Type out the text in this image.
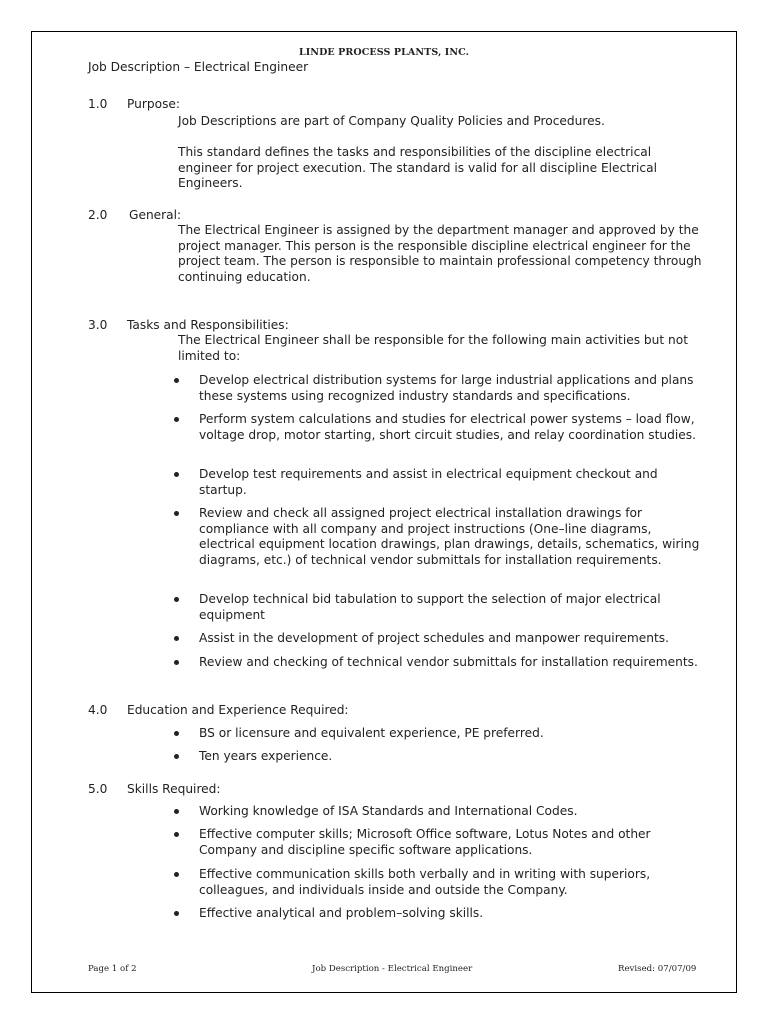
LINDE PROCESS PLANTS, INC.
Job Description – Electrical Engineer
1.0 Purpose:
Job Descriptions are part of Company Quality Policies and Procedures.
This standard defines the tasks and responsibilities of the discipline electrical engineer for project execution. The standard is valid for all discipline Electrical Engineers.
2.0 General:
The Electrical Engineer is assigned by the department manager and approved by the project manager. This person is the responsible discipline electrical engineer for the project team. The person is responsible to maintain professional competency through continuing education.
3.0 Tasks and Responsibilities:
The Electrical Engineer shall be responsible for the following main activities but not limited to:
Develop electrical distribution systems for large industrial applications and plans these systems using recognized industry standards and specifications.
Perform system calculations and studies for electrical power systems – load flow, voltage drop, motor starting, short circuit studies, and relay coordination studies.
Develop test requirements and assist in electrical equipment checkout and startup.
Review and check all assigned project electrical installation drawings for compliance with all company and project instructions (One–line diagrams, electrical equipment location drawings, plan drawings, details, schematics, wiring diagrams, etc.) of technical vendor submittals for installation requirements.
Develop technical bid tabulation to support the selection of major electrical equipment
Assist in the development of project schedules and manpower requirements.
Review and checking of technical vendor submittals for installation requirements.
4.0 Education and Experience Required:
BS or licensure and equivalent experience, PE preferred.
Ten years experience.
5.0 Skills Required:
Working knowledge of ISA Standards and International Codes.
Effective computer skills; Microsoft Office software, Lotus Notes and other Company and discipline specific software applications.
Effective communication skills both verbally and in writing with superiors, colleagues, and individuals inside and outside the Company.
Effective analytical and problem–solving skills.
Page 1 of 2	Job Description - Electrical Engineer	Revised: 07/07/09
